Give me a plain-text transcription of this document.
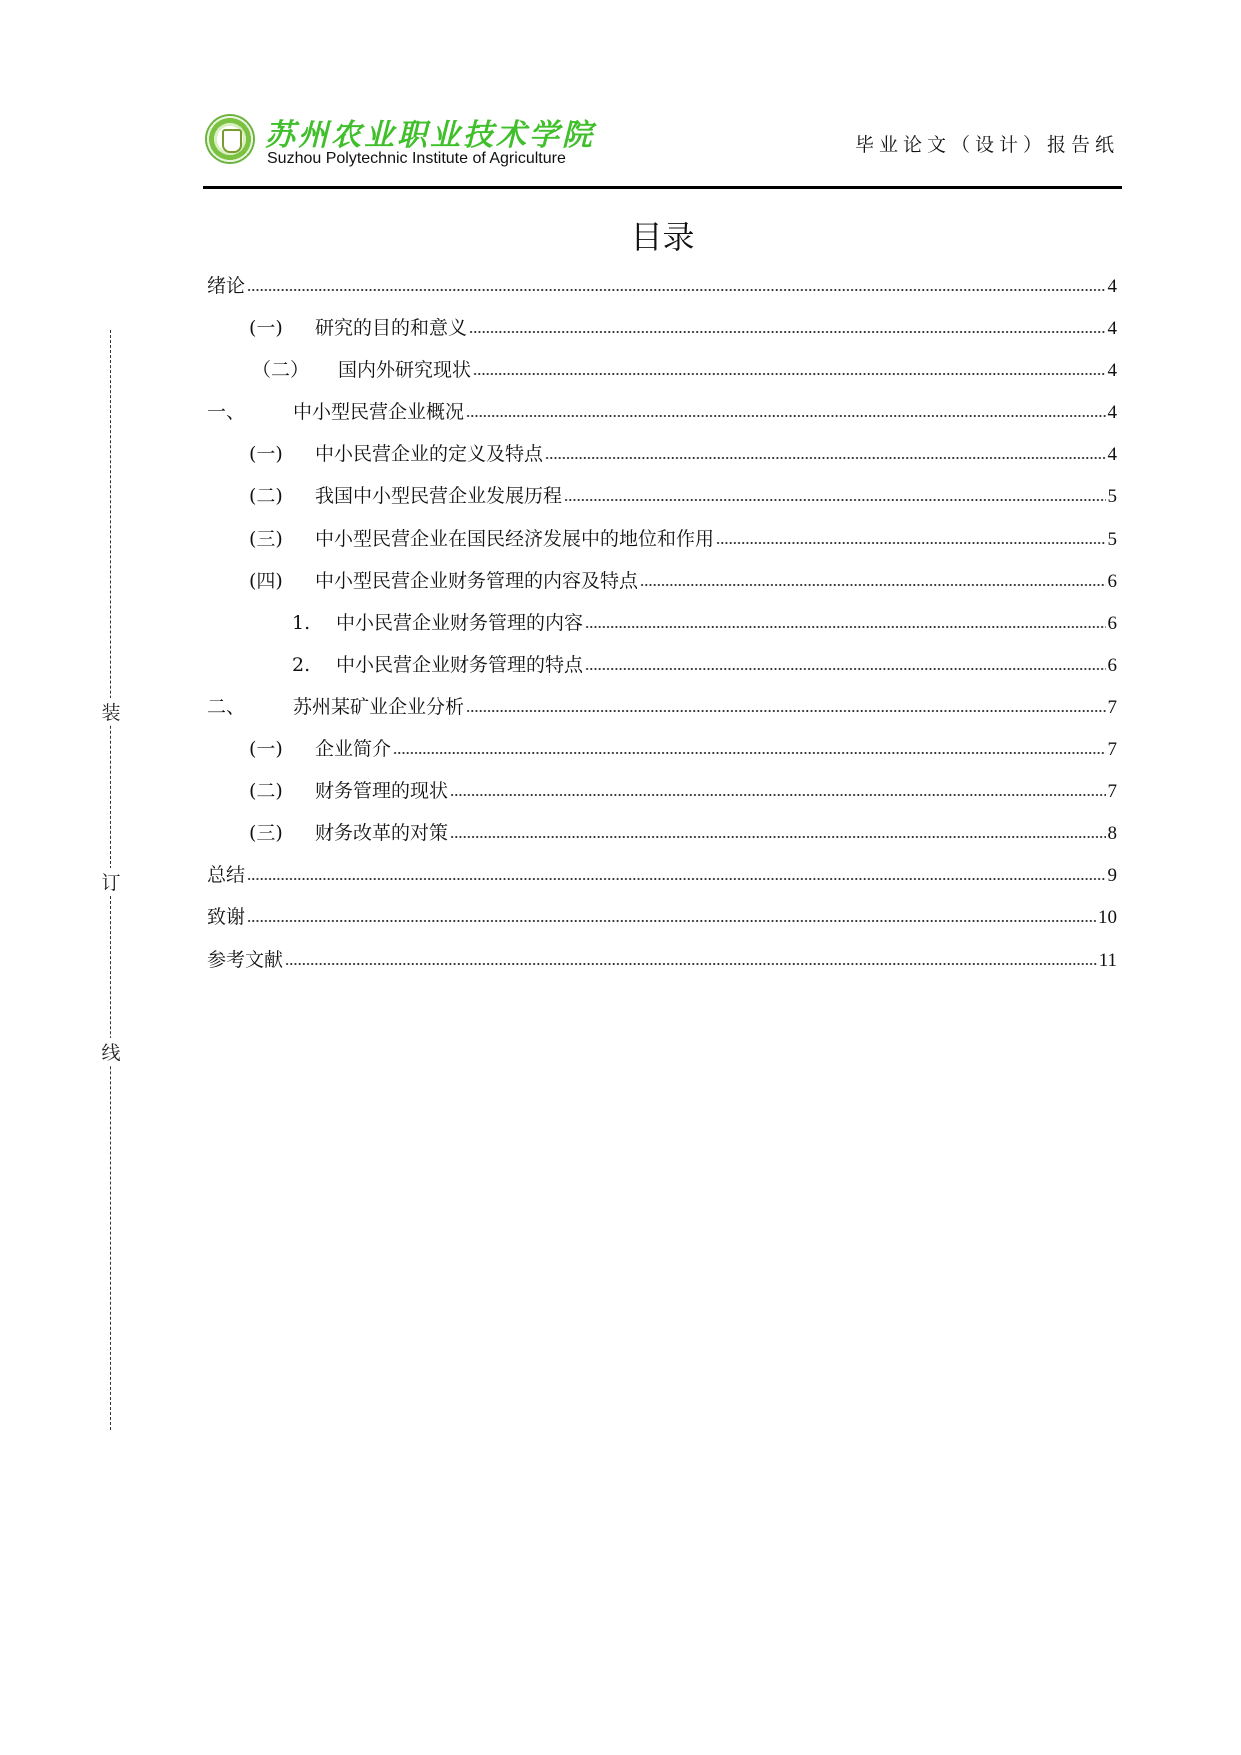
苏州农业职业技术学院
Suzhou Polytechnic Institute of Agriculture
毕业论文（设计）报告纸
装
订
线
目录
绪论	4
(一)	研究的目的和意义	4
（二）	国内外研究现状	4
一、	中小型民营企业概况	4
(一)	中小民营企业的定义及特点	4
(二)	我国中小型民营企业发展历程	5
(三)	中小型民营企业在国民经济发展中的地位和作用	5
(四)	中小型民营企业财务管理的内容及特点	6
1.	中小民营企业财务管理的内容	6
2.	中小民营企业财务管理的特点	6
二、	苏州某矿业企业分析	7
(一)	企业简介	7
(二)	财务管理的现状	7
(三)	财务改革的对策	8
总结	9
致谢	10
参考文献	11
